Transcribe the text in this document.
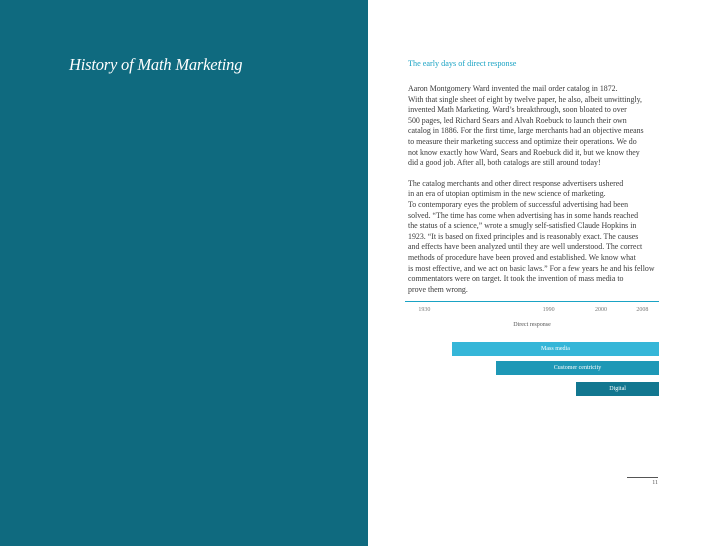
History of Math Marketing	The early days of direct response
Aaron Montgomery Ward invented the mail order catalog in 1872.
With that single sheet of eight by twelve paper, he also, albeit unwittingly,
invented Math Marketing. Ward’s breakthrough, soon bloated to over
500 pages, led Richard Sears and Alvah Roebuck to launch their own
catalog in 1886. For the first time, large merchants had an objective means
to measure their marketing success and optimize their operations. We do
not know exactly how Ward, Sears and Roebuck did it, but we know they
did a good job. After all, both catalogs are still around today!
The catalog merchants and other direct response advertisers ushered
in an era of utopian optimism in the new science of marketing.
To contemporary eyes the problem of successful advertising had been
solved. “The time has come when advertising has in some hands reached
the status of a science,” wrote a smugly self-satisfied Claude Hopkins in
1923. “It is based on fixed principles and is reasonably exact. The causes
and effects have been analyzed until they are well understood. The correct
methods of procedure have been proved and established. We know what
is most effective, and we act on basic laws.” For a few years he and his fellow
commentators were on target. It took the invention of mass media to
prove them wrong.
1930	1990	2000	2008
Direct response
Mass media
Customer centricity
Digital
11
